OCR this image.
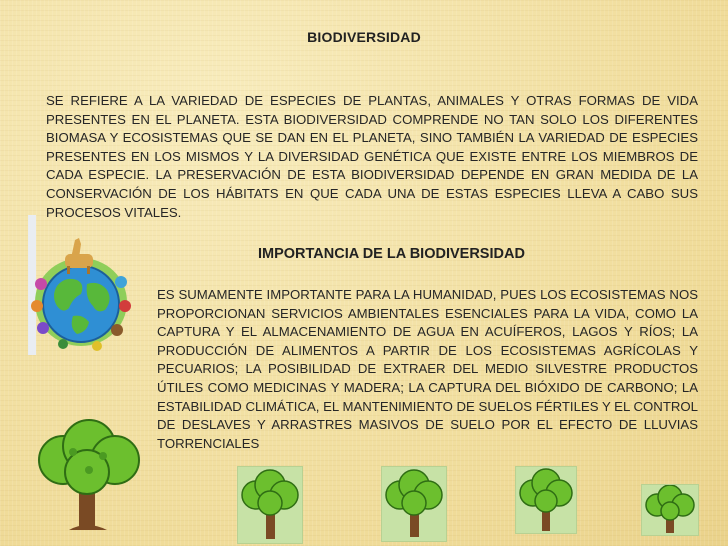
BIODIVERSIDAD
SE REFIERE A LA VARIEDAD DE ESPECIES DE PLANTAS, ANIMALES Y OTRAS FORMAS DE VIDA PRESENTES EN EL PLANETA. ESTA BIODIVERSIDAD COMPRENDE NO TAN SOLO LOS DIFERENTES BIOMASA Y ECOSISTEMAS QUE SE DAN EN EL PLANETA, SINO TAMBIÉN LA VARIEDAD DE ESPECIES PRESENTES EN LOS MISMOS Y LA DIVERSIDAD GENÉTICA QUE EXISTE ENTRE LOS MIEMBROS DE CADA ESPECIE. LA PRESERVACIÓN DE ESTA BIODIVERSIDAD DEPENDE EN GRAN MEDIDA DE LA CONSERVACIÓN DE LOS HÁBITATS EN QUE CADA UNA DE ESTAS ESPECIES LLEVA A CABO SUS PROCESOS VITALES.
IMPORTANCIA DE LA BIODIVERSIDAD
ES SUMAMENTE IMPORTANTE PARA LA HUMANIDAD, PUES LOS ECOSISTEMAS NOS PROPORCIONAN SERVICIOS AMBIENTALES ESENCIALES PARA LA VIDA, COMO LA CAPTURA Y EL ALMACENAMIENTO DE AGUA EN ACUÍFEROS, LAGOS Y RÍOS; LA PRODUCCIÓN DE ALIMENTOS A PARTIR DE LOS ECOSISTEMAS AGRÍCOLAS Y PECUARIOS; LA POSIBILIDAD DE EXTRAER DEL MEDIO SILVESTRE PRODUCTOS ÚTILES COMO MEDICINAS Y MADERA; LA CAPTURA DEL BIÓXIDO DE CARBONO; LA ESTABILIDAD CLIMÁTICA, EL MANTENIMIENTO DE SUELOS FÉRTILES Y EL CONTROL DE DESLAVES Y ARRASTRES MASIVOS DE SUELO POR EL EFECTO DE LLUVIAS TORRENCIALES
